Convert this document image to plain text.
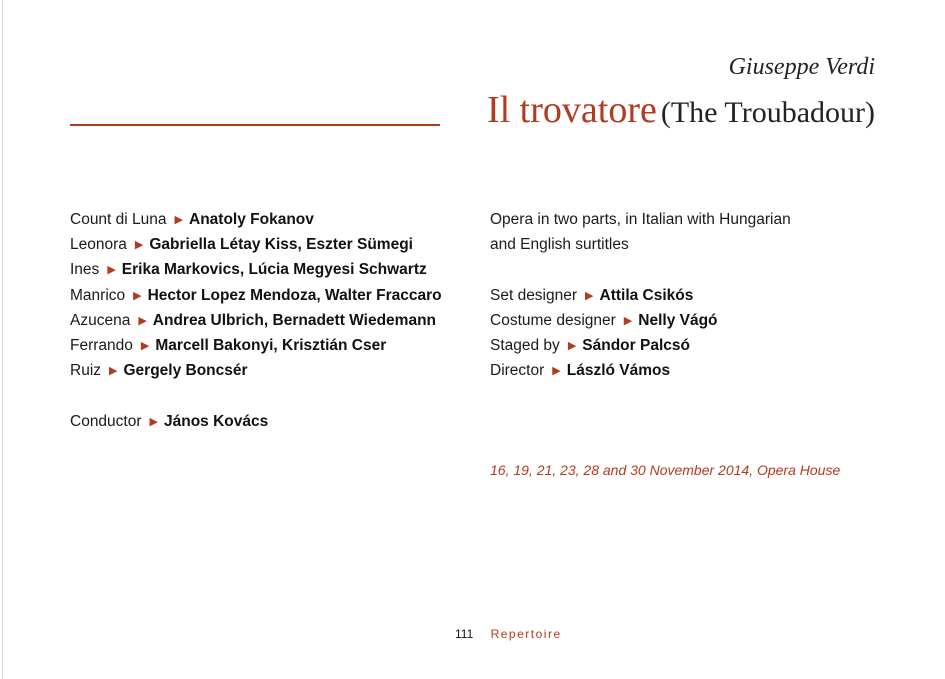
Giuseppe Verdi
Il trovatore (The Troubadour)
Count di Luna ▶ Anatoly Fokanov
Leonora ▶ Gabriella Létay Kiss, Eszter Sümegi
Ines ▶ Erika Markovics, Lúcia Megyesi Schwartz
Manrico ▶ Hector Lopez Mendoza, Walter Fraccaro
Azucena ▶ Andrea Ulbrich, Bernadett Wiedemann
Ferrando ▶ Marcell Bakonyi, Krisztián Cser
Ruiz ▶ Gergely Boncsér
Conductor ▶ János Kovács
Opera in two parts, in Italian with Hungarian
and English surtitles
Set designer ▶ Attila Csikós
Costume designer ▶ Nelly Vágó
Staged by ▶ Sándor Palcsó
Director ▶ László Vámos
16, 19, 21, 23, 28 and 30 November 2014, Opera House
111 Repertoire
